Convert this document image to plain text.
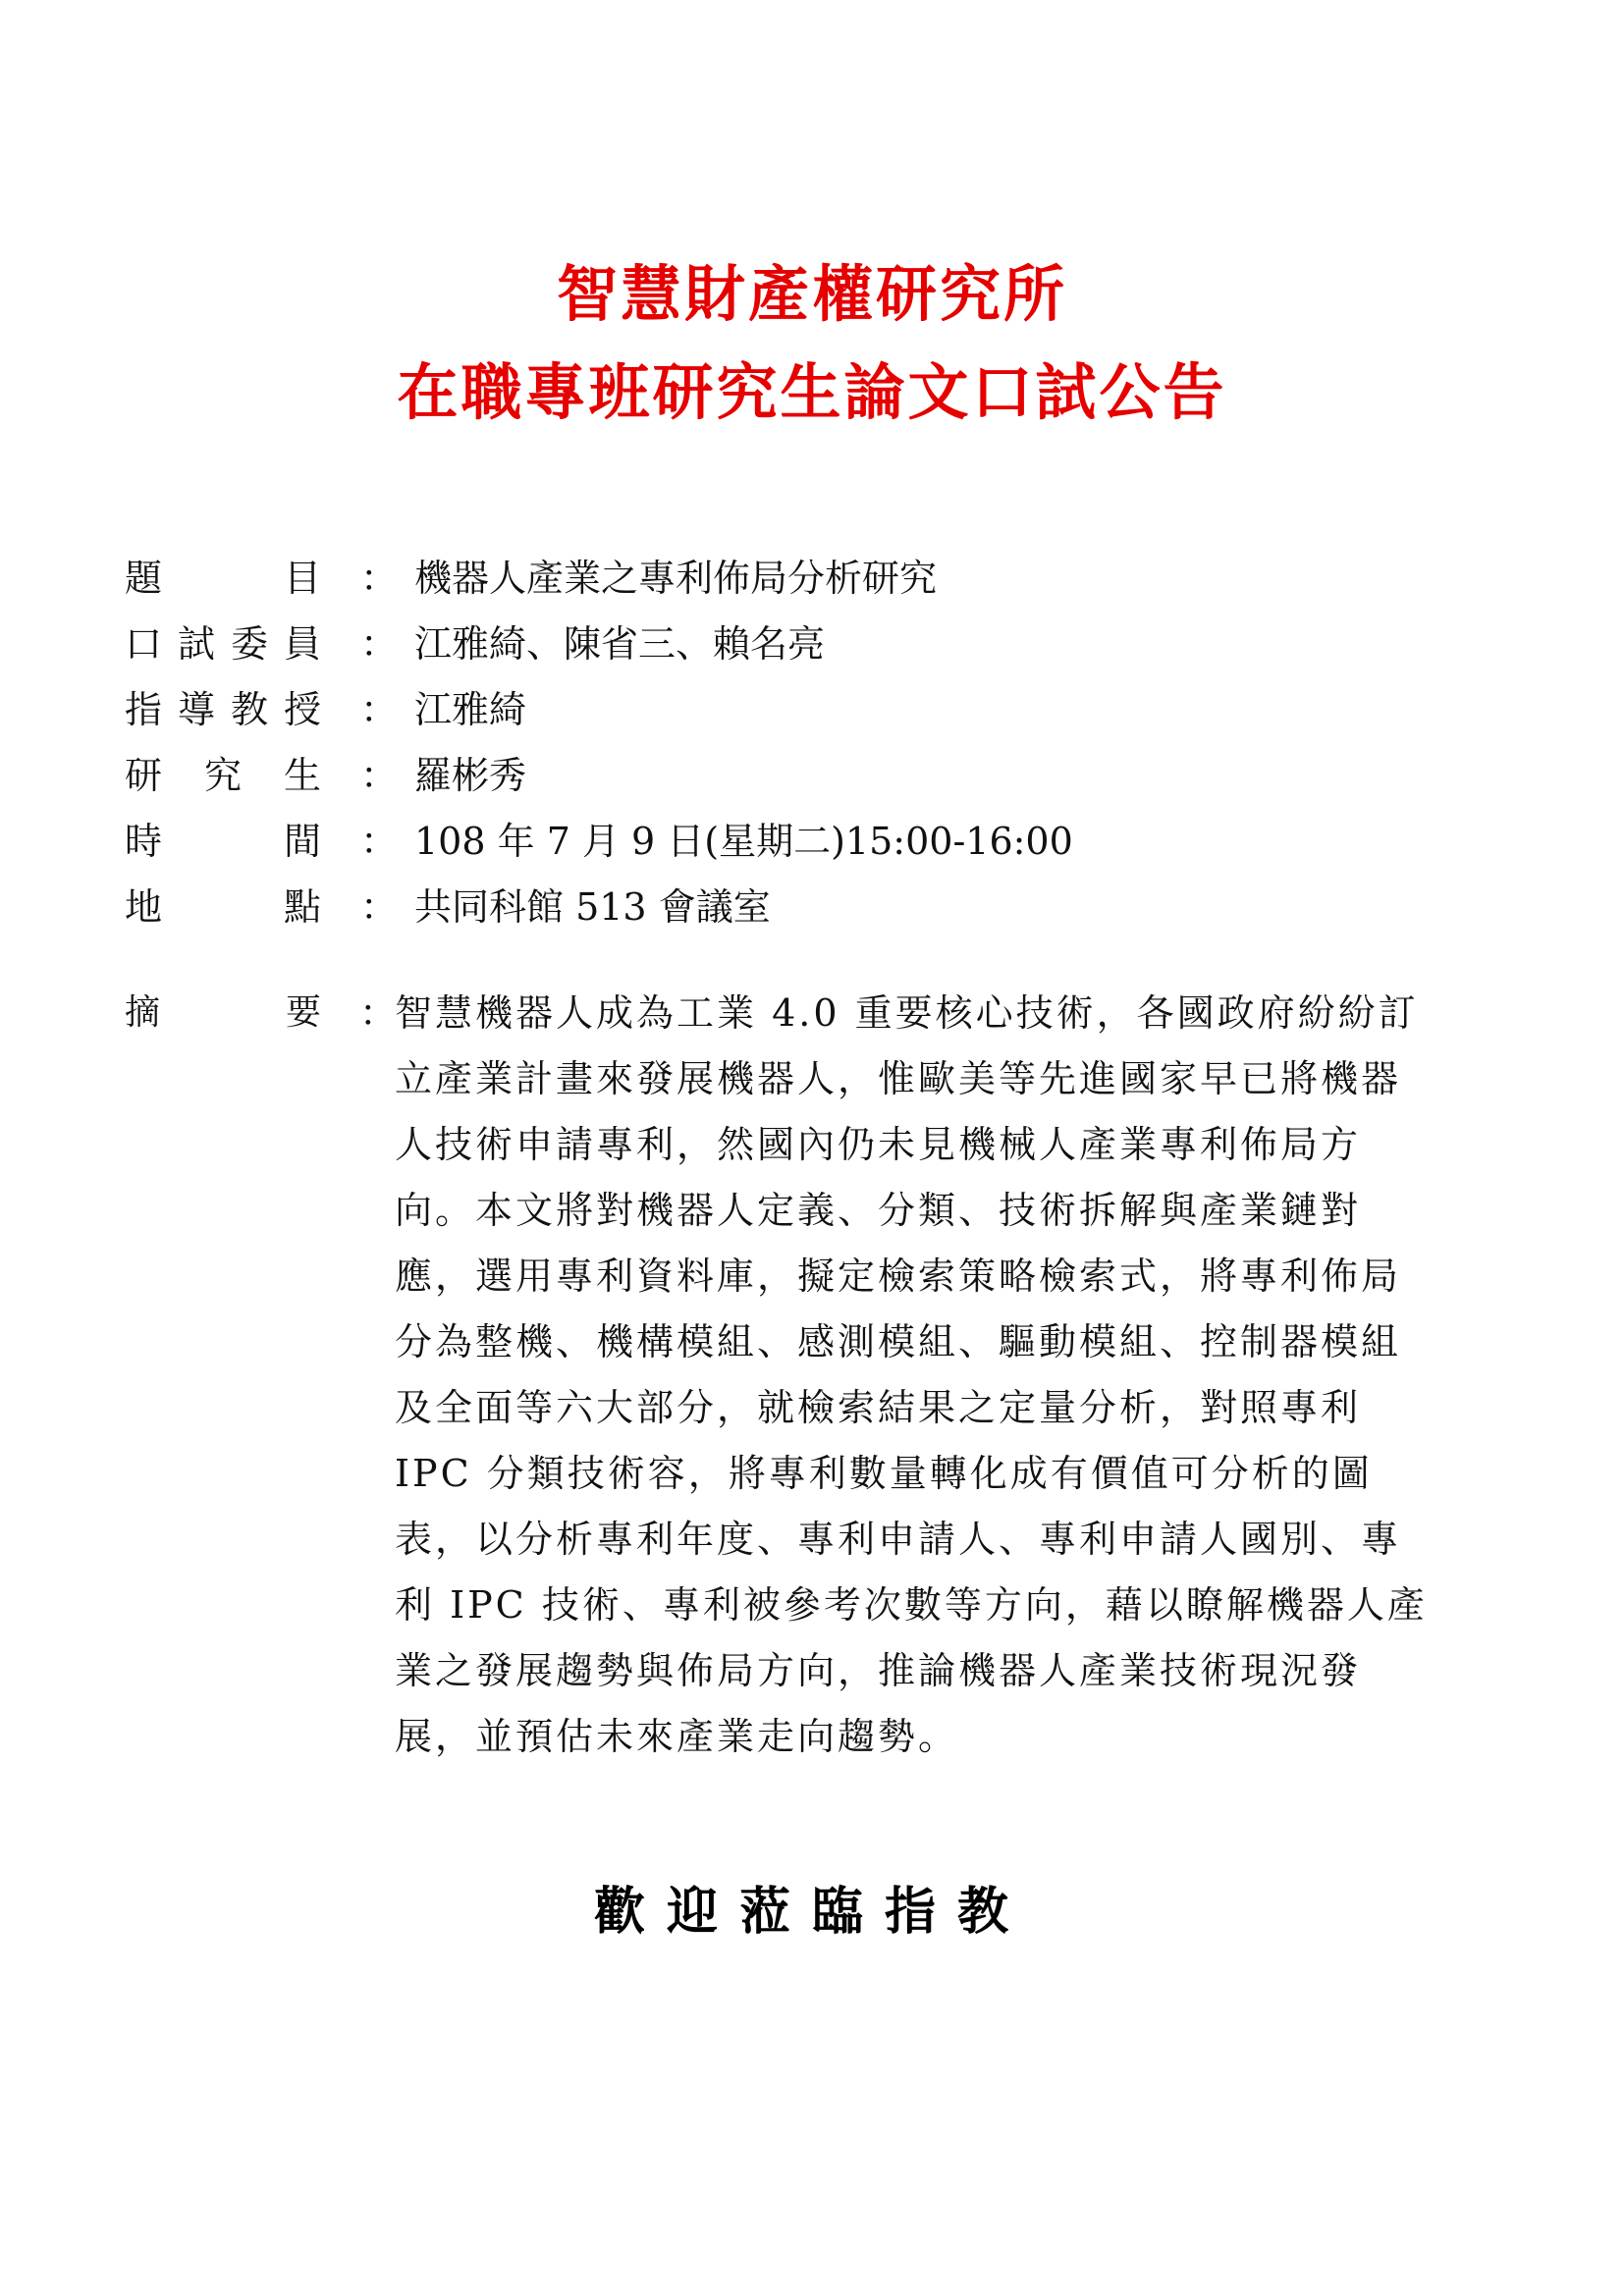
智慧財產權研究所
在職專班研究生論文口試公告
題	目 ： 機器人產業之專利佈局分析研究
口 試 委 員 ： 江雅綺、陳省三、賴名亮
指 導 教 授 ： 江雅綺
研 究 生 ： 羅彬秀
時	間 ： 108 年 7 月 9 日(星期二)15:00-16:00
地	點 ： 共同科館 513 會議室
摘	要 ：
智慧機器人成為工業 4.0 重要核心技術，各國政府紛紛訂
立產業計畫來發展機器人，惟歐美等先進國家早已將機器
人技術申請專利，然國內仍未見機械人產業專利佈局方
向。本文將對機器人定義、分類、技術拆解與產業鏈對
應，選用專利資料庫，擬定檢索策略檢索式，將專利佈局
分為整機、機構模組、感測模組、驅動模組、控制器模組
及全面等六大部分，就檢索結果之定量分析，對照專利
IPC 分類技術容，將專利數量轉化成有價值可分析的圖
表，以分析專利年度、專利申請人、專利申請人國別、專
利 IPC 技術、專利被參考次數等方向，藉以瞭解機器人產
業之發展趨勢與佈局方向，推論機器人產業技術現況發
展，並預估未來產業走向趨勢。
歡迎蒞臨指教
